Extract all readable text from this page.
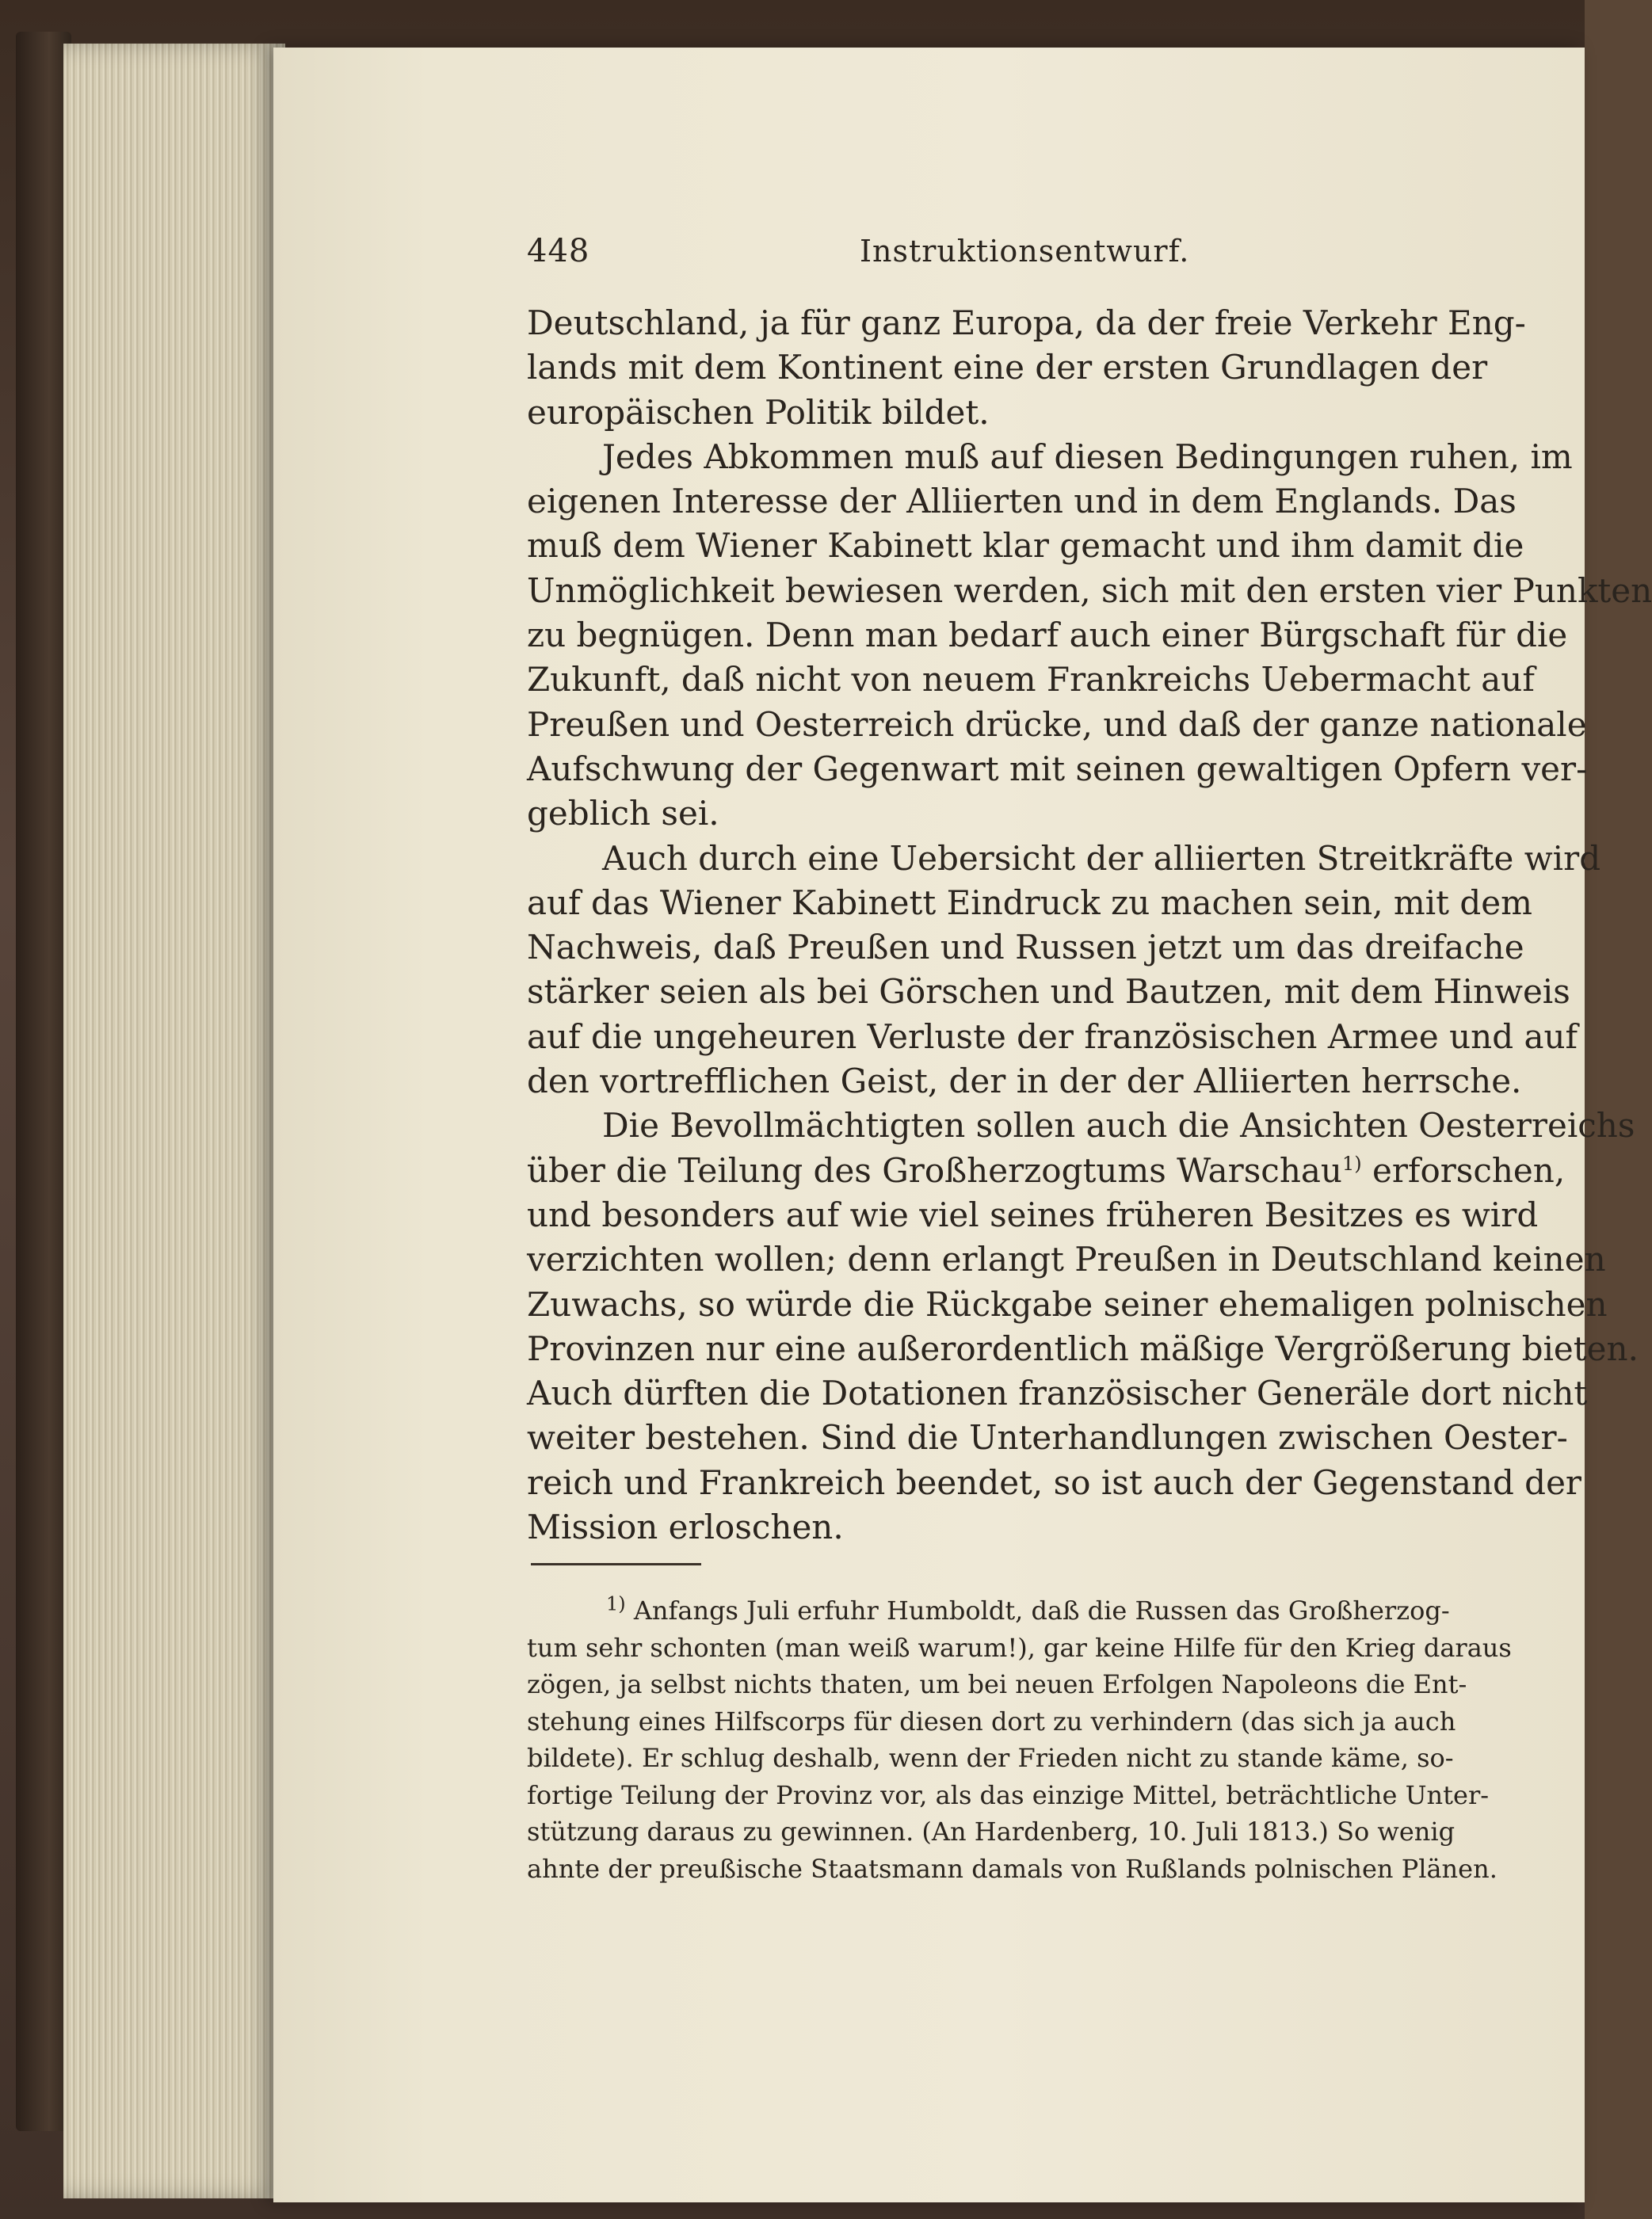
448	Instruktionsentwurf.
Deutschland, ja für ganz Europa, da der freie Verkehr Eng-
lands mit dem Kontinent eine der ersten Grundlagen der
europäischen Politik bildet.
Jedes Abkommen muß auf diesen Bedingungen ruhen, im
eigenen Interesse der Alliierten und in dem Englands. Das
muß dem Wiener Kabinett klar gemacht und ihm damit die
Unmöglichkeit bewiesen werden, sich mit den ersten vier Punkten
zu begnügen. Denn man bedarf auch einer Bürgschaft für die
Zukunft, daß nicht von neuem Frankreichs Uebermacht auf
Preußen und Oesterreich drücke, und daß der ganze nationale
Aufschwung der Gegenwart mit seinen gewaltigen Opfern ver-
geblich sei.
Auch durch eine Uebersicht der alliierten Streitkräfte wird
auf das Wiener Kabinett Eindruck zu machen sein, mit dem
Nachweis, daß Preußen und Russen jetzt um das dreifache
stärker seien als bei Görschen und Bautzen, mit dem Hinweis
auf die ungeheuren Verluste der französischen Armee und auf
den vortrefflichen Geist, der in der der Alliierten herrsche.
Die Bevollmächtigten sollen auch die Ansichten Oesterreichs
über die Teilung des Großherzogtums Warschau $^{1)}$ erforschen,
und besonders auf wie viel seines früheren Besitzes es wird
verzichten wollen; denn erlangt Preußen in Deutschland keinen
Zuwachs, so würde die Rückgabe seiner ehemaligen polnischen
Provinzen nur eine außerordentlich mäßige Vergrößerung bieten.
Auch dürften die Dotationen französischer Generäle dort nicht
weiter bestehen. Sind die Unterhandlungen zwischen Oester-
reich und Frankreich beendet, so ist auch der Gegenstand der
Mission erloschen.
$^{1)}$ Anfangs Juli erfuhr Humboldt, daß die Russen das Großherzog-
tum sehr schonten (man weiß warum!), gar keine Hilfe für den Krieg daraus
zögen, ja selbst nichts thaten, um bei neuen Erfolgen Napoleons die Ent-
stehung eines Hilfscorps für diesen dort zu verhindern (das sich ja auch
bildete). Er schlug deshalb, wenn der Frieden nicht zu stande käme, so-
fortige Teilung der Provinz vor, als das einzige Mittel, beträchtliche Unter-
stützung daraus zu gewinnen. (An Hardenberg, 10. Juli 1813.) So wenig
ahnte der preußische Staatsmann damals von Rußlands polnischen Plänen.
